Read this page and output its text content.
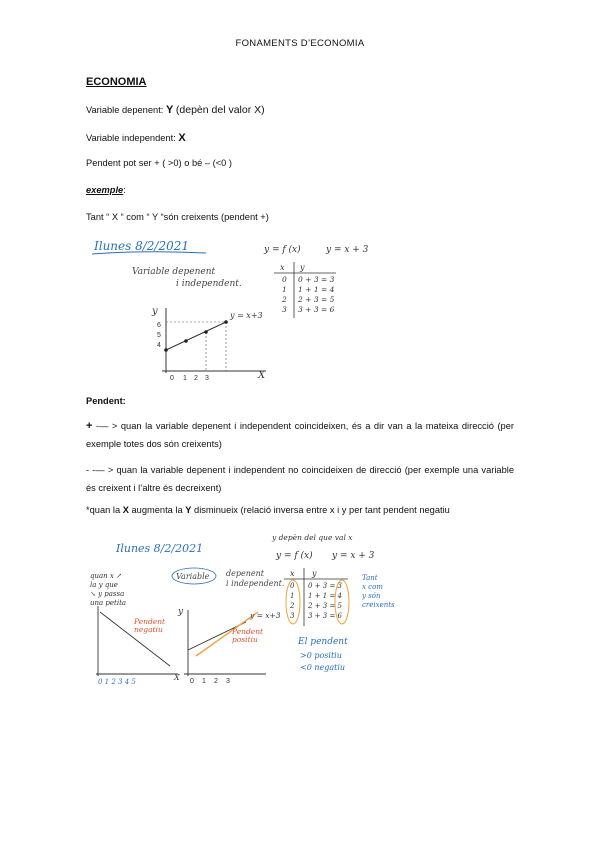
FONAMENTS D’ECONOMIA
ECONOMIA
Variable depenent: Y (depèn del valor X)
Variable independent: X
Pendent pot ser + ( >0) o bé – (<0 )
exemple:
Tant “ X “ com “ Y “són creixents (pendent +)
Ilunes 8/2/2021
Variable depenent
i independent.
y = f (x)	y = x + 3
x y
0 0 + 3 = 3
1 1 + 1 = 4
2 2 + 3 = 5
3 3 + 3 = 6
y
X
6
5
4
0 1 2 3
y = x+3
Pendent:
+ -— > quan la variable depenent i independent coincideixen, és a dir van a la mateixa direcció (per exemple totes dos són creixents)
- -— > quan la variable depenent i independent no coincideixen de direcció (per exemple una variable és creixent i l’altre és decreixent)
*quan la X augmenta la Y disminueix (relació inversa entre x i y per tant pendent negatiu
Ilunes 8/2/2021
Variable depenent
i independent.
quan x ↗
la y que
↘ y passa
una petita
y depèn del que val x
y = f (x) y = x + 3
Pendent
negatiu
0 1 2 3 4 5	X
y
Pendent
positiu
y = x+3
0 1 2 3
x y
0 0 + 3 = 3
1 1 + 1 = 4
2 2 + 3 = 5
3 3 + 3 = 6
Tant
x com
y són
creixents
El pendent
>0 positiu
<0 negatiu
